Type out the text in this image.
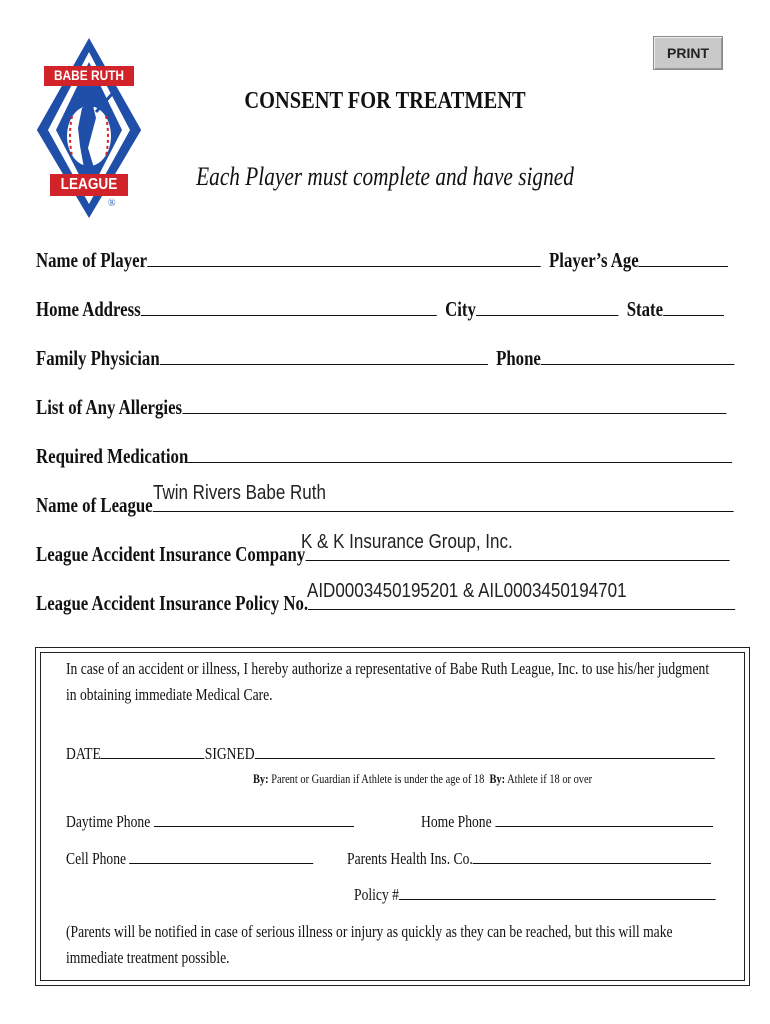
PRINT
BABE RUTH
LEAGUE
®
CONSENT FOR TREATMENT
Each Player must complete and have signed
Name of Player	Player’s Age
Home Address	City	State
Family Physician	Phone
List of Any Allergies
Required Medication
Name of League Twin Rivers Babe Ruth
League Accident Insurance Company
K & K Insurance Group, Inc.
League Accident Insurance Policy No.
AID0003450195201 & AIL0003450194701
In case of an accident or illness, I hereby authorize a representative of Babe Ruth League, Inc. to use his/her judgment
in obtaining immediate Medical Care.
DATE	SIGNED
By: Parent or Guardian if Athlete is under the age of 18 By: Athlete if 18 or over
Daytime Phone	Home Phone
Cell Phone	Parents Health Ins. Co.
Policy #
(Parents will be notified in case of serious illness or injury as quickly as they can be reached, but this will make
immediate treatment possible.
